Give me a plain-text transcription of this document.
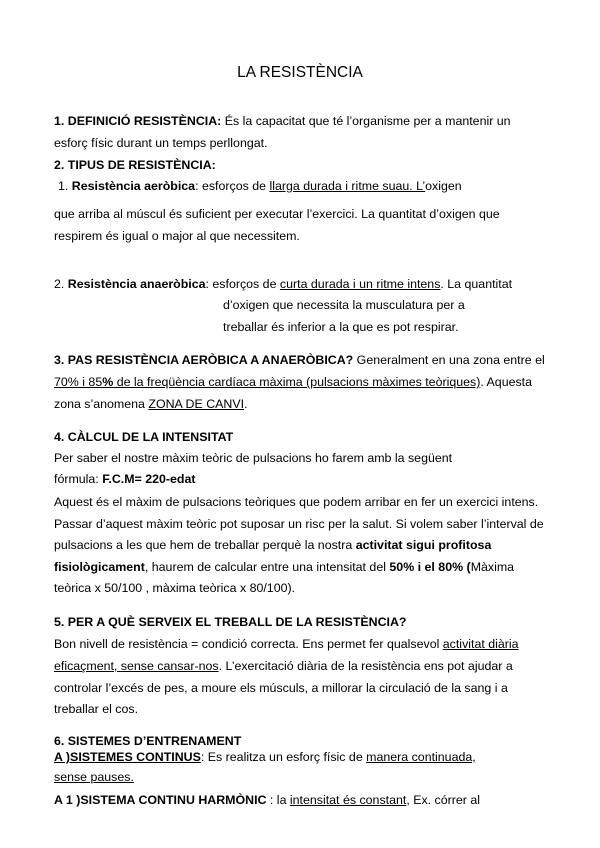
LA RESISTÈNCIA
1. DEFINICIÓ RESISTÈNCIA: És la capacitat que té l’organisme per a mantenir un
esforç físic durant un temps perllongat.
2. TIPUS DE RESISTÈNCIA:
1. Resistència aeròbica: esforços de llarga durada i ritme suau. L’oxigen
que arriba al múscul és suficient per executar l’exercici. La quantitat d’oxigen que
respirem és igual o major al que necessitem.
2. Resistència anaeròbica: esforços de curta durada i un ritme intens. La quantitat
d’oxigen que necessita la musculatura per a
treballar és inferior a la que es pot respirar.
3. PAS RESISTÈNCIA AERÒBICA A ANAERÒBICA? Generalment en una zona entre el
70% i 85% de la freqüència cardíaca màxima (pulsacions màximes teòriques). Aquesta
zona s’anomena ZONA DE CANVI.
4. CÀLCUL DE LA INTENSITAT
Per saber el nostre màxim teòric de pulsacions ho farem amb la següent
fórmula: F.C.M= 220-edat
Aquest és el màxim de pulsacions teòriques que podem arribar en fer un exercici intens.
Passar d’aquest màxim teòric pot suposar un risc per la salut. Si volem saber l’interval de
pulsacions a les que hem de treballar perquè la nostra activitat sigui profitosa
fisiològicament, haurem de calcular entre una intensitat del 50% i el 80% (Màxima
teòrica x 50/100 , màxima teòrica x 80/100).
5. PER A QUÈ SERVEIX EL TREBALL DE LA RESISTÈNCIA?
Bon nivell de resistència = condició correcta. Ens permet fer qualsevol activitat diària
eficaçment, sense cansar-nos. L’exercitació diària de la resistència ens pot ajudar a
controlar l’excés de pes, a moure els músculs, a millorar la circulació de la sang i a
treballar el cos.
6. SISTEMES D’ENTRENAMENT
A )SISTEMES CONTINUS: Es realitza un esforç físic de manera continuada,
sense pauses.
A 1 )SISTEMA CONTINU HARMÒNIC : la intensitat és constant, Ex. córrer al
